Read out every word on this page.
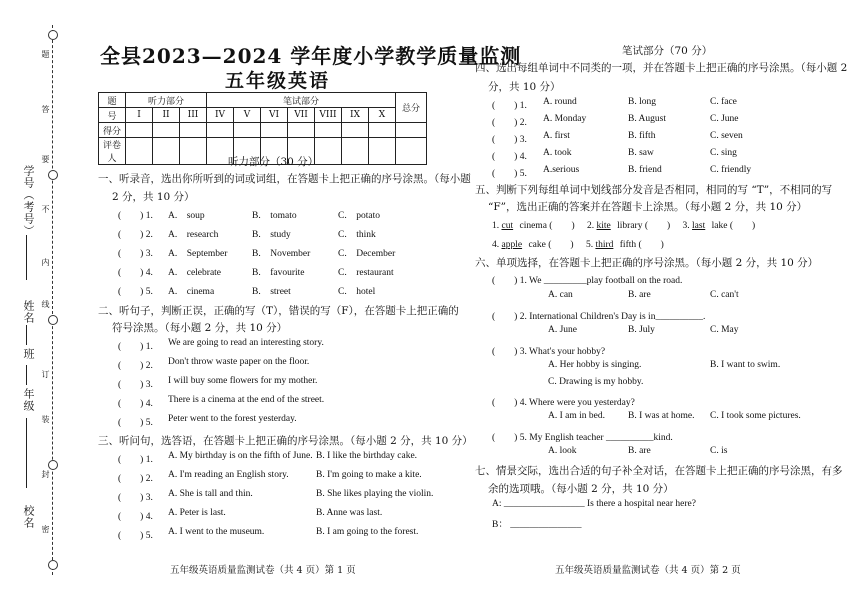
题
答
要
不
内
线
订
装
封
密
学号（考号）
姓名
班
年级
校名
全县2023—2024 学年度小学教学质量监测
五年级英语
题	听力部分			笔试部分							总分
号	I	II	III	IV	V	VI	VII	VIII	IX	X	
得分											
评卷人												听力部分（30 分）
一、听录音，选出你所听到的词或词组，在答题卡上把正确的序号涂黑。（每小题
2 分，共 10 分）
(　　) 1. A.　soup	B.　tomato	C.　potato
(　　) 2. A.　research	B.　study	C.　think
(　　) 3. A.　September	B.　November	C.　December
(　　) 4. A.　celebrate	B.　favourite	C.　restaurant
(　　) 5. A.　cinema	B.　street	C.　hotel
二、听句子，判断正误，正确的写（T），错误的写（F），在答题卡上把正确的
符号涂黑。（每小题 2 分，共 10 分）
(　　) 1. We are going to read an interesting story.
(　　) 2. Don't throw waste paper on the floor.
(　　) 3. I will buy some flowers for my mother.
(　　) 4. There is a cinema at the end of the street.
(　　) 5. Peter went to the forest yesterday.
三、听问句，选答语，在答题卡上把正确的序号涂黑。（每小题 2 分，共 10 分）
(　　) 1. A. My birthday is on the fifth of June. B. I like the birthday cake.
(　　) 2. A. I'm reading an English story.	B. I'm going to make a kite.
(　　) 3. A. She is tall and thin.	B. She likes playing the violin.
(　　) 4. A. Peter is last.	B. Anne was last.
(　　) 5. A. I went to the museum.	B. I am going to the forest.
五年级英语质量监测试卷（共 4 页）第 1 页
笔试部分（70 分）
四、选出每组单词中不同类的一项，并在答题卡上把正确的序号涂黑。（每小题 2
分，共 10 分）
(　　) 1. A. round	B. long	C. face
(　　) 2. A. Monday	B. August	C. June
(　　) 3. A. first	B. fifth	C. seven
(　　) 4. A. took	B. saw	C. sing
(　　) 5. A.serious	B. friend	C. friendly
五、判断下列每组单词中划线部分发音是否相同，相同的写 “T”，不相同的写
“F”，选出正确的答案并在答题卡上涂黑。（每小题 2 分，共 10 分）
1. cut cinema (　　) 2. kite library (　　) 3. last lake (　　)
4. apple cake (　　) 5. third fifth (　　)
六、单项选择，在答题卡上把正确的序号涂黑。（每小题 2 分，共 10 分）
(　　) 1. We _________play football on the road.
A. can	B. are	C. can't
(　　) 2. International Children's Day is in__________.
A. June	B. July	C. May
(　　) 3. What's your hobby?
A. Her hobby is singing.	B. I want to swim.
C. Drawing is my hobby.
(　　) 4. Where were you yesterday?
A. I am in bed. B. I was at home. C. I took some pictures.
(　　) 5. My English teacher __________kind.
A. look	B. are	C. is
七、情景交际，选出合适的句子补全对话，在答题卡上把正确的序号涂黑，有多
余的选项哦。（每小题 2 分，共 10 分）
A: _________________ Is there a hospital near here?
B： _______________
五年级英语质量监测试卷（共 4 页）第 2 页
